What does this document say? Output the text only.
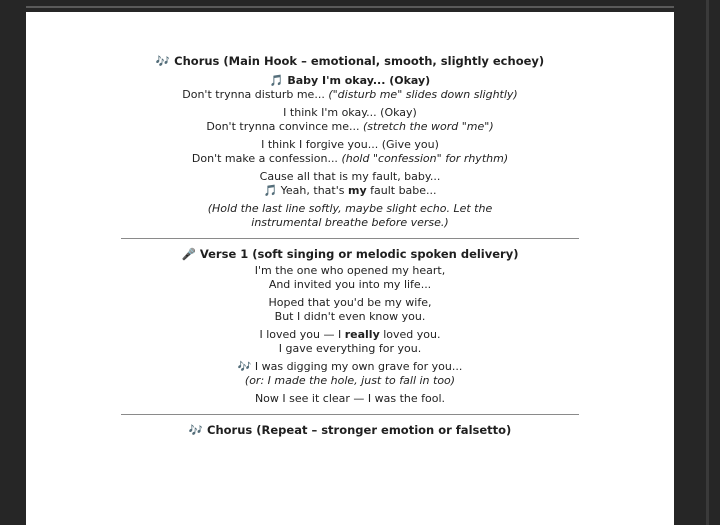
🎶 Chorus (Main Hook – emotional, smooth, slightly echoey)
🎵 Baby I'm okay... (Okay)
Don't trynna disturb me... ("disturb me" slides down slightly)
I think I'm okay... (Okay)
Don't trynna convince me... (stretch the word "me")
I think I forgive you... (Give you)
Don't make a confession... (hold "confession" for rhythm)
Cause all that is my fault, baby...
🎵 Yeah, that's my fault babe...
(Hold the last line softly, maybe slight echo. Let the
instrumental breathe before verse.)
🎤 Verse 1 (soft singing or melodic spoken delivery)
I'm the one who opened my heart,
And invited you into my life...
Hoped that you'd be my wife,
But I didn't even know you.
I loved you — I really loved you.
I gave everything for you.
🎶 I was digging my own grave for you...
(or: I made the hole, just to fall in too)
Now I see it clear — I was the fool.
🎶 Chorus (Repeat – stronger emotion or falsetto)
